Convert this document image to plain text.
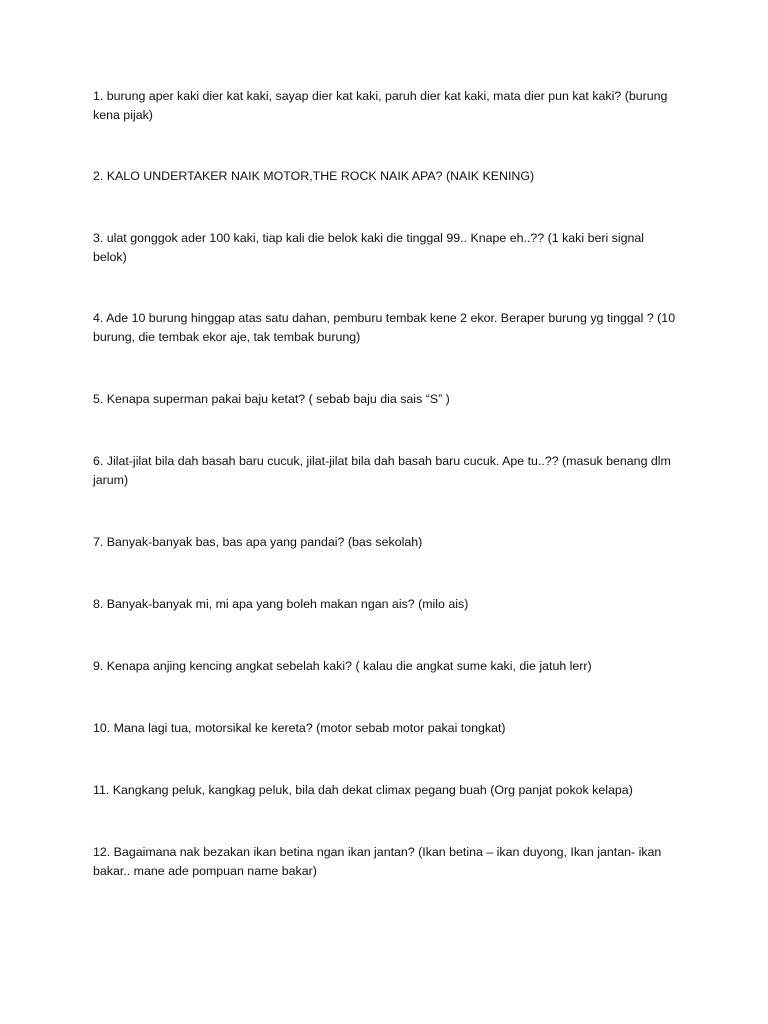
1. burung aper kaki dier kat kaki, sayap dier kat kaki, paruh dier kat kaki, mata dier pun kat kaki? (burung kena pijak)

2. KALO UNDERTAKER NAIK MOTOR,THE ROCK NAIK APA? (NAIK KENING)

3. ulat gonggok ader 100 kaki, tiap kali die belok kaki die tinggal 99.. Knape eh..?? (1 kaki beri signal belok)

4. Ade 10 burung hinggap atas satu dahan, pemburu tembak kene 2 ekor. Beraper burung yg tinggal ? (10 burung, die tembak ekor aje, tak tembak burung)

5. Kenapa superman pakai baju ketat? ( sebab baju dia sais “S” )

6. Jilat-jilat bila dah basah baru cucuk, jilat-jilat bila dah basah baru cucuk. Ape tu..?? (masuk benang dlm jarum)

7. Banyak-banyak bas, bas apa yang pandai? (bas sekolah)

8. Banyak-banyak mi, mi apa yang boleh makan ngan ais? (milo ais)

9. Kenapa anjing kencing angkat sebelah kaki? ( kalau die angkat sume kaki, die jatuh lerr)

10. Mana lagi tua, motorsikal ke kereta? (motor sebab motor pakai tongkat)

11. Kangkang peluk, kangkag peluk, bila dah dekat climax pegang buah (Org panjat pokok kelapa)

12. Bagaimana nak bezakan ikan betina ngan ikan jantan? (Ikan betina – ikan duyong, Ikan jantan- ikan bakar.. mane ade pompuan name bakar)
